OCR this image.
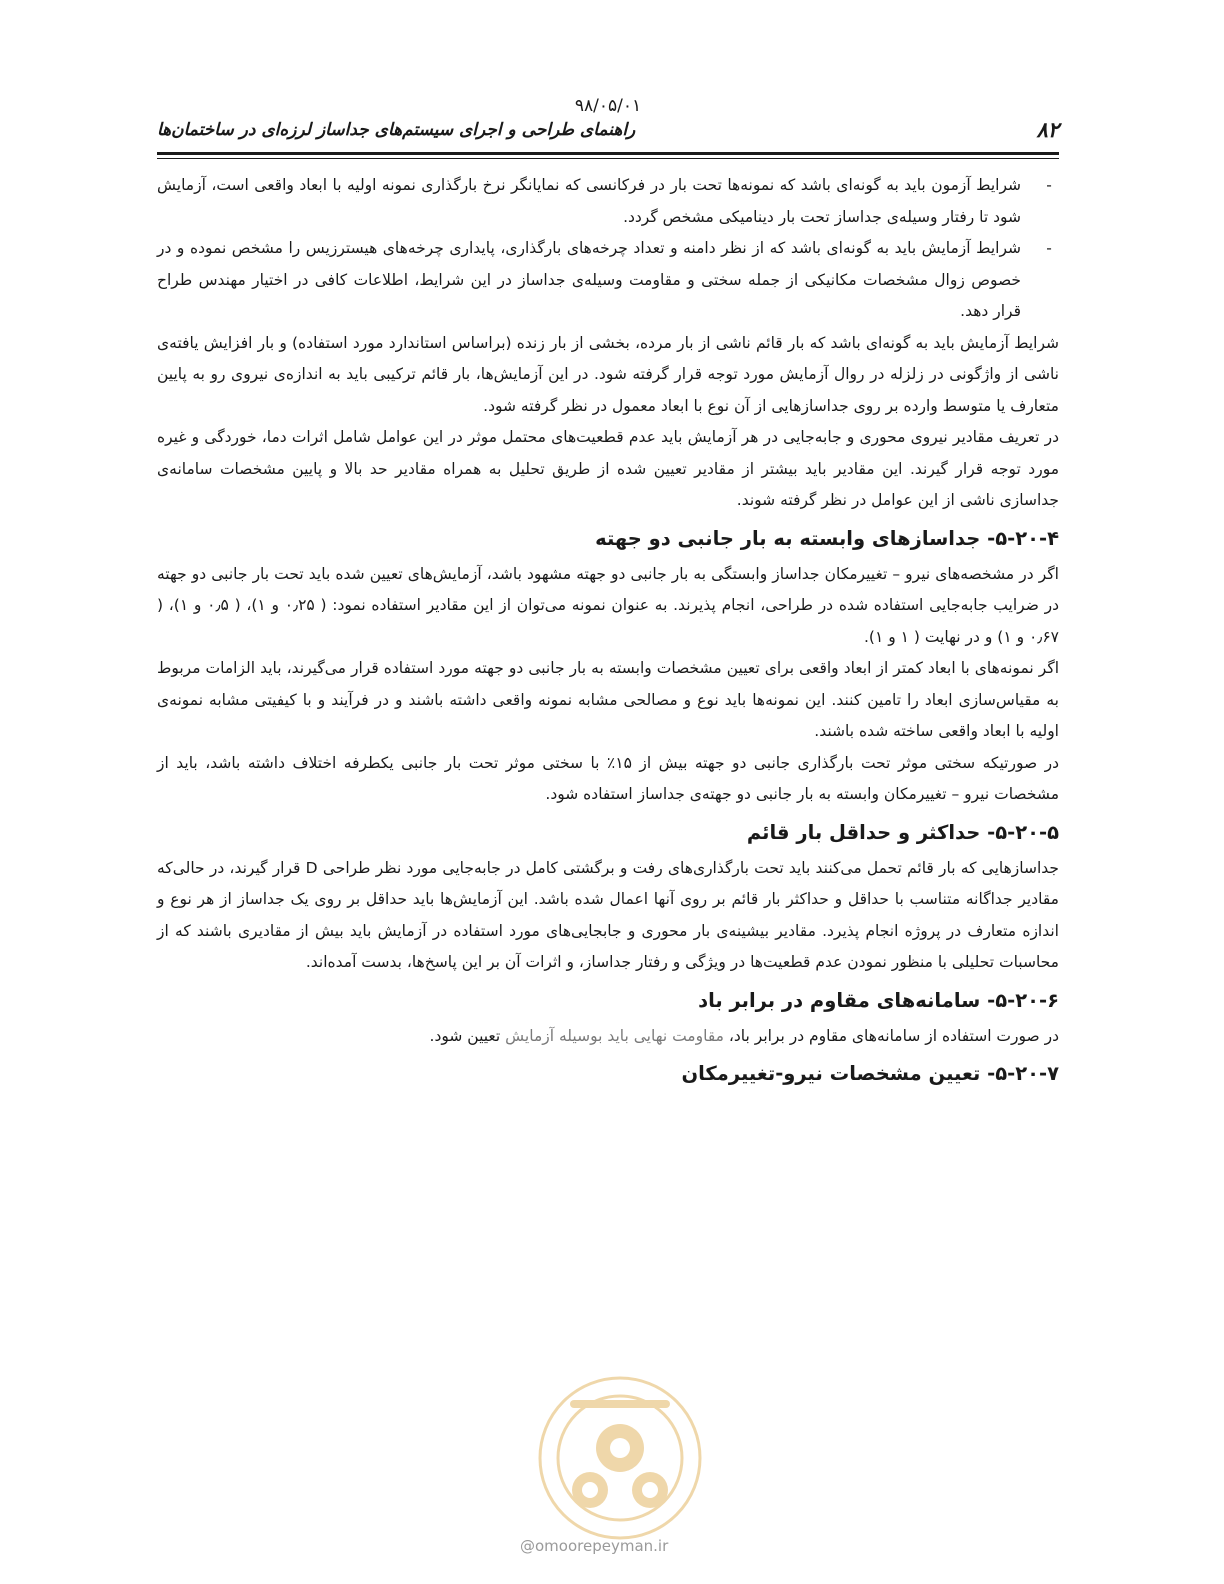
۹۸/۰۵/۰۱
۸۲
راهنمای طراحی و اجرای سیستم‌های جداساز لرزه‌ای در ساختمان‌ها
-
شرایط آزمون باید به گونه‌ای باشد که نمونه‌ها تحت بار در فرکانسی که نمایانگر نرخ بارگذاری نمونه اولیه با ابعاد واقعی است، آزمایش شود تا رفتار وسیله‌ی جداساز تحت بار دینامیکی مشخص گردد.
-
شرایط آزمایش باید به گونه‌ای باشد که از نظر دامنه و تعداد چرخه‌های بارگذاری، پایداری چرخه‌های هیسترزیس را مشخص نموده و در خصوص زوال مشخصات مکانیکی از جمله سختی و مقاومت وسیله‌ی جداساز در این شرایط، اطلاعات کافی در اختیار مهندس طراح قرار دهد.

شرایط آزمایش باید به گونه‌ای باشد که بار قائم ناشی از بار مرده، بخشی از بار زنده (براساس استاندارد مورد استفاده) و بار افزایش یافته‌ی ناشی از واژگونی در زلزله در روال آزمایش مورد توجه قرار گرفته شود. در این آزمایش‌ها، بار قائم ترکیبی باید به اندازه‌ی نیروی رو به پایین متعارف یا متوسط وارده بر روی جداسازهایی از آن نوع با ابعاد معمول در نظر گرفته شود.

در تعریف مقادیر نیروی محوری و جابه‌جایی در هر آزمایش باید عدم قطعیت‌های محتمل موثر در این عوامل شامل اثرات دما، خوردگی و غیره مورد توجه قرار گیرند. این مقادیر باید بیشتر از مقادیر تعیین شده از طریق تحلیل به همراه مقادیر حد بالا و پایین مشخصات سامانه‌ی جداسازی ناشی از این عوامل در نظر گرفته شوند.

۵-۲۰-۴- جداسازهای وابسته به بار جانبی دو جهته

اگر در مشخصه‌های نیرو – تغییرمکان جداساز وابستگی به بار جانبی دو جهته مشهود باشد، آزمایش‌های تعیین شده باید تحت بار جانبی دو جهته در ضرایب جابه‌جایی استفاده شده در طراحی، انجام پذیرند. به عنوان نمونه می‌توان از این مقادیر استفاده نمود: ( ۰٫۲۵ و ۱)، ( ۰٫۵ و ۱)، ( ۰٫۶۷ و ۱) و در نهایت ( ۱ و ۱).

اگر نمونه‌های با ابعاد کمتر از ابعاد واقعی برای تعیین مشخصات وابسته به بار جانبی دو جهته مورد استفاده قرار می‌گیرند، باید الزامات مربوط به مقیاس‌سازی ابعاد را تامین کنند. این نمونه‌ها باید نوع و مصالحی مشابه نمونه واقعی داشته باشند و در فرآیند و با کیفیتی مشابه نمونه‌ی اولیه با ابعاد واقعی ساخته شده باشند.

در صورتیکه سختی موثر تحت بارگذاری جانبی دو جهته بیش از ۱۵٪ با سختی موثر تحت بار جانبی یکطرفه اختلاف داشته باشد، باید از مشخصات نیرو – تغییرمکان وابسته به بار جانبی دو جهته‌ی جداساز استفاده شود.

۵-۲۰-۵- حداکثر و حداقل بار قائم

جداسازهایی که بار قائم تحمل می‌کنند باید تحت بارگذاری‌های رفت و برگشتی کامل در جابه‌جایی مورد نظر طراحی D قرار گیرند، در حالی‌که مقادیر جداگانه متناسب با حداقل و حداکثر بار قائم بر روی آنها اعمال شده باشد. این آزمایش‌ها باید حداقل بر روی یک جداساز از هر نوع و اندازه متعارف در پروژه انجام پذیرد. مقادیر بیشینه‌ی بار محوری و جابجایی‌های مورد استفاده در آزمایش باید بیش از مقادیری باشند که از محاسبات تحلیلی با منظور نمودن عدم قطعیت‌ها در ویژگی و رفتار جداساز، و اثرات آن بر این پاسخ‌ها، بدست آمده‌اند.

۵-۲۰-۶- سامانه‌های مقاوم در برابر باد

در صورت استفاده از سامانه‌های مقاوم در برابر باد، مقاومت نهایی باید بوسیله آزمایش تعیین شود.

۵-۲۰-۷- تعیین مشخصات نیرو-تغییرمکان
@omoorepeyman.ir
